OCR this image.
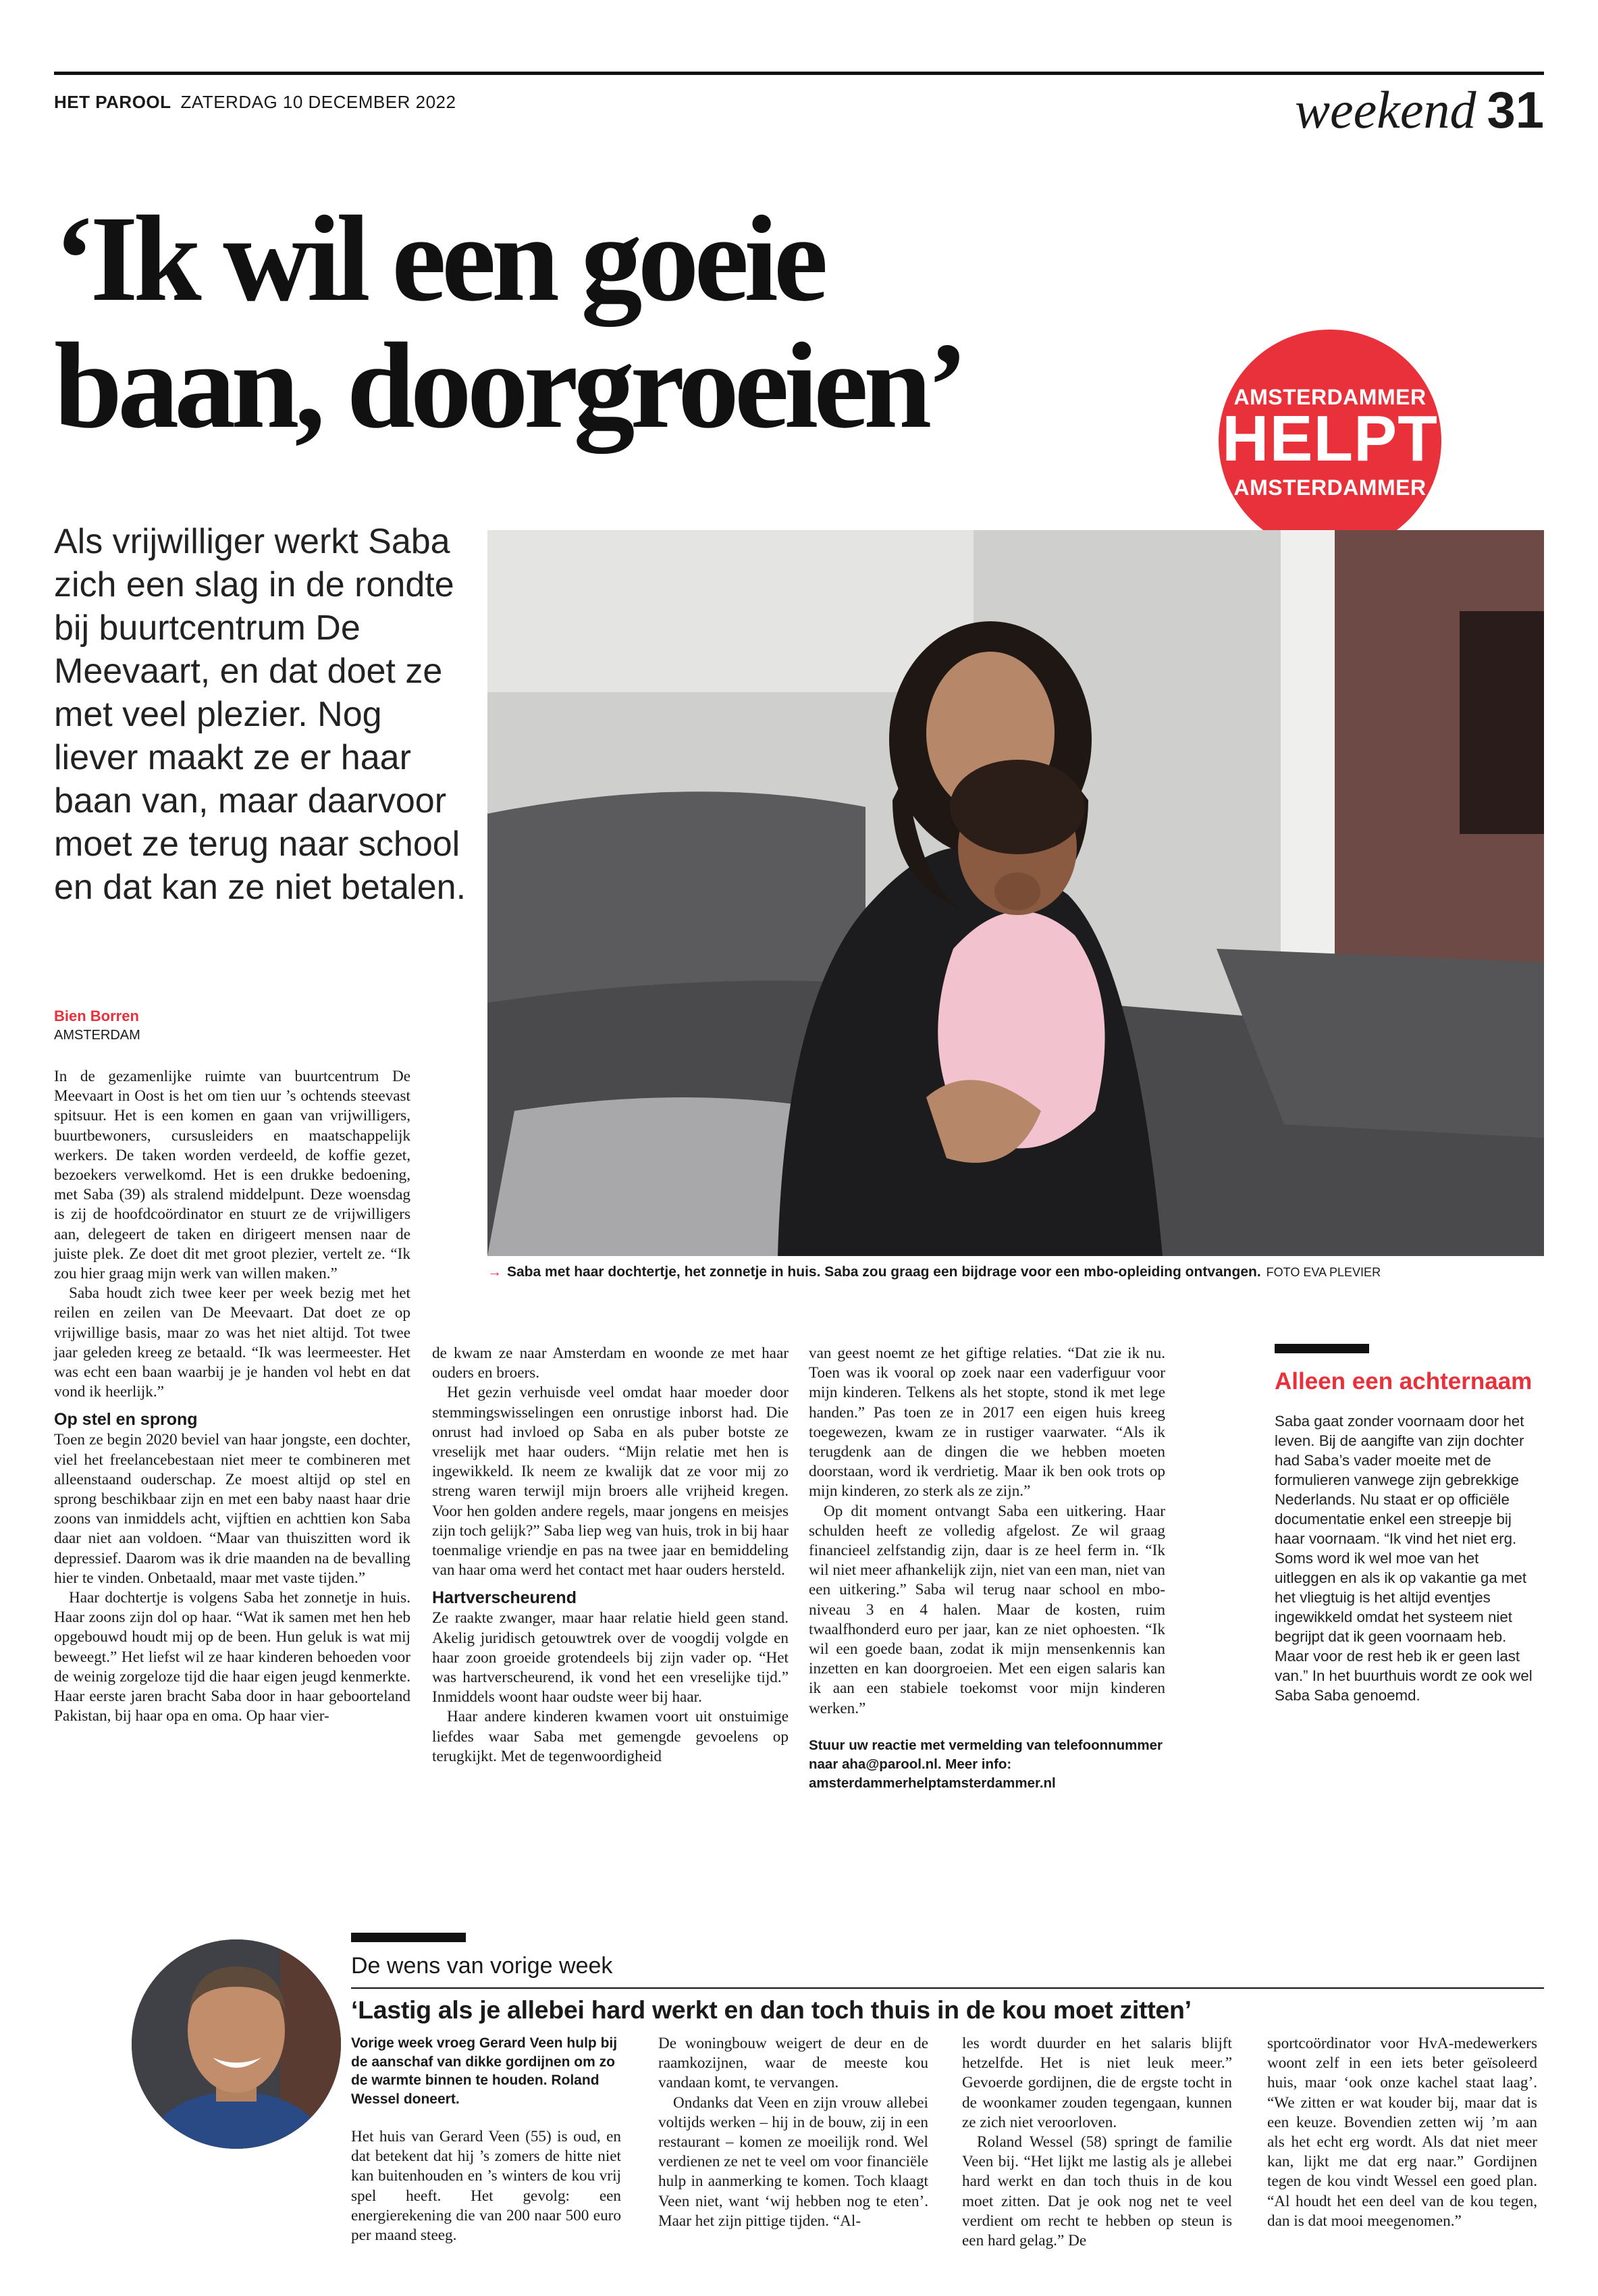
HET PAROOL ZATERDAG 10 DECEMBER 2022	weekend 31
‘Ik wil een goeie
baan, doorgroeien’	AMSTERDAMMER
HELPT
AMSTERDAMMER
Als vrijwilliger werkt Saba zich een slag in de rondte bij buurtcentrum De Meevaart, en dat doet ze met veel plezier. Nog liever maakt ze er haar baan van, maar daarvoor moet ze terug naar school en dat kan ze niet betalen.
Bien Borren
AMSTERDAM

In de gezamenlijke ruimte van buurtcentrum De Meevaart in Oost is het om tien uur ’s ochtends steevast spitsuur. Het is een komen en gaan van vrijwilligers, buurtbewoners, cursusleiders en maatschappelijk werkers. De taken worden verdeeld, de koffie gezet, bezoekers verwelkomd. Het is een drukke bedoening, met Saba (39) als stralend middelpunt. Deze woensdag is zij de hoofdcoördinator en stuurt ze de vrijwilligers aan, delegeert de taken en dirigeert mensen naar de juiste plek. Ze doet dit met groot plezier, vertelt ze. “Ik zou hier graag mijn werk van willen maken.”

Saba houdt zich twee keer per week bezig met het reilen en zeilen van De Meevaart. Dat doet ze op vrijwillige basis, maar zo was het niet altijd. Tot twee jaar geleden kreeg ze betaald. “Ik was leermeester. Het was echt een baan waarbij je je handen vol hebt en dat vond ik heerlijk.”

Op stel en sprong

Toen ze begin 2020 beviel van haar jongste, een dochter, viel het freelancebestaan niet meer te combineren met alleenstaand ouderschap. Ze moest altijd op stel en sprong beschikbaar zijn en met een baby naast haar drie zoons van inmiddels acht, vijftien en achttien kon Saba daar niet aan voldoen. “Maar van thuiszitten word ik depressief. Daarom was ik drie maanden na de bevalling hier te vinden. Onbetaald, maar met vaste tijden.”

Haar dochtertje is volgens Saba het zonnetje in huis. Haar zoons zijn dol op haar. “Wat ik samen met hen heb opgebouwd houdt mij op de been. Hun geluk is wat mij beweegt.” Het liefst wil ze haar kinderen behoeden voor de weinig zorgeloze tijd die haar eigen jeugd kenmerkte. Haar eerste jaren bracht Saba door in haar geboorteland Pakistan, bij haar opa en oma. Op haar vier-

de kwam ze naar Amsterdam en woonde ze met haar ouders en broers.

Het gezin verhuisde veel omdat haar moeder door stemmingswisselingen een onrustige inborst had. Die onrust had invloed op Saba en als puber botste ze vreselijk met haar ouders. “Mijn relatie met hen is ingewikkeld. Ik neem ze kwalijk dat ze voor mij zo streng waren terwijl mijn broers alle vrijheid kregen. Voor hen golden andere regels, maar jongens en meisjes zijn toch gelijk?” Saba liep weg van huis, trok in bij haar toenmalige vriendje en pas na twee jaar en bemiddeling van haar oma werd het contact met haar ouders hersteld.

Hartverscheurend

Ze raakte zwanger, maar haar relatie hield geen stand. Akelig juridisch getouwtrek over de voogdij volgde en haar zoon groeide grotendeels bij zijn vader op. “Het was hartverscheurend, ik vond het een vreselijke tijd.” Inmiddels woont haar oudste weer bij haar.

Haar andere kinderen kwamen voort uit onstuimige liefdes waar Saba met gemengde gevoelens op terugkijkt. Met de tegenwoordigheid

van geest noemt ze het giftige relaties. “Dat zie ik nu. Toen was ik vooral op zoek naar een vaderfiguur voor mijn kinderen. Telkens als het stopte, stond ik met lege handen.” Pas toen ze in 2017 een eigen huis kreeg toegewezen, kwam ze in rustiger vaarwater. “Als ik terugdenk aan de dingen die we hebben moeten doorstaan, word ik verdrietig. Maar ik ben ook trots op mijn kinderen, zo sterk als ze zijn.”

Op dit moment ontvangt Saba een uitkering. Haar schulden heeft ze volledig afgelost. Ze wil graag financieel zelfstandig zijn, daar is ze heel ferm in. “Ik wil niet meer afhankelijk zijn, niet van een man, niet van een uitkering.” Saba wil terug naar school en mbo-niveau 3 en 4 halen. Maar de kosten, ruim twaalfhonderd euro per jaar, kan ze niet ophoesten. “Ik wil een goede baan, zodat ik mijn mensenkennis kan inzetten en kan doorgroeien. Met een eigen salaris kan ik aan een stabiele toekomst voor mijn kinderen werken.”

Stuur uw reactie met vermelding van telefoonnummer naar aha@parool.nl. Meer info: amsterdammerhelptamsterdammer.nl

→ Saba met haar dochtertje, het zonnetje in huis. Saba zou graag een bijdrage voor een mbo-opleiding ontvangen. FOTO EVA PLEVIER
Alleen een achternaam
Saba gaat zonder voornaam door het leven. Bij de aangifte van zijn dochter had Saba’s vader moeite met de formulieren vanwege zijn gebrekkige Nederlands. Nu staat er op officiële documentatie enkel een streepje bij haar voornaam. “Ik vind het niet erg. Soms word ik wel moe van het uitleggen en als ik op vakantie ga met het vliegtuig is het altijd eventjes ingewikkeld omdat het systeem niet begrijpt dat ik geen voornaam heb. Maar voor de rest heb ik er geen last van.” In het buurthuis wordt ze ook wel Saba Saba genoemd.
De wens van vorige week
‘Lastig als je allebei hard werkt en dan toch thuis in de kou moet zitten’

Vorige week vroeg Gerard Veen hulp bij de aanschaf van dikke gordijnen om zo de warmte binnen te houden. Roland Wessel doneert.

Het huis van Gerard Veen (55) is oud, en dat betekent dat hij ’s zomers de hitte niet kan buitenhouden en ’s winters de kou vrij spel heeft. Het gevolg: een energierekening die van 200 naar 500 euro per maand steeg.

De woningbouw weigert de deur en de raamkozijnen, waar de meeste kou vandaan komt, te vervangen.

Ondanks dat Veen en zijn vrouw allebei voltijds werken – hij in de bouw, zij in een restaurant – komen ze moeilijk rond. Wel verdienen ze net te veel om voor financiële hulp in aanmerking te komen. Toch klaagt Veen niet, want ‘wij hebben nog te eten’. Maar het zijn pittige tijden. “Al-

les wordt duurder en het salaris blijft hetzelfde. Het is niet leuk meer.” Gevoerde gordijnen, die de ergste tocht in de woonkamer zouden tegengaan, kunnen ze zich niet veroorloven.

Roland Wessel (58) springt de familie Veen bij. “Het lijkt me lastig als je allebei hard werkt en dan toch thuis in de kou moet zitten. Dat je ook nog net te veel verdient om recht te hebben op steun is een hard gelag.” De

sportcoördinator voor HvA-medewerkers woont zelf in een iets beter geïsoleerd huis, maar ‘ook onze kachel staat laag’. “We zitten er wat kouder bij, maar dat is een keuze. Bovendien zetten wij ’m aan als het echt erg wordt. Als dat niet meer kan, lijkt me dat erg naar.” Gordijnen tegen de kou vindt Wessel een goed plan. “Al houdt het een deel van de kou tegen, dan is dat mooi meegenomen.”
